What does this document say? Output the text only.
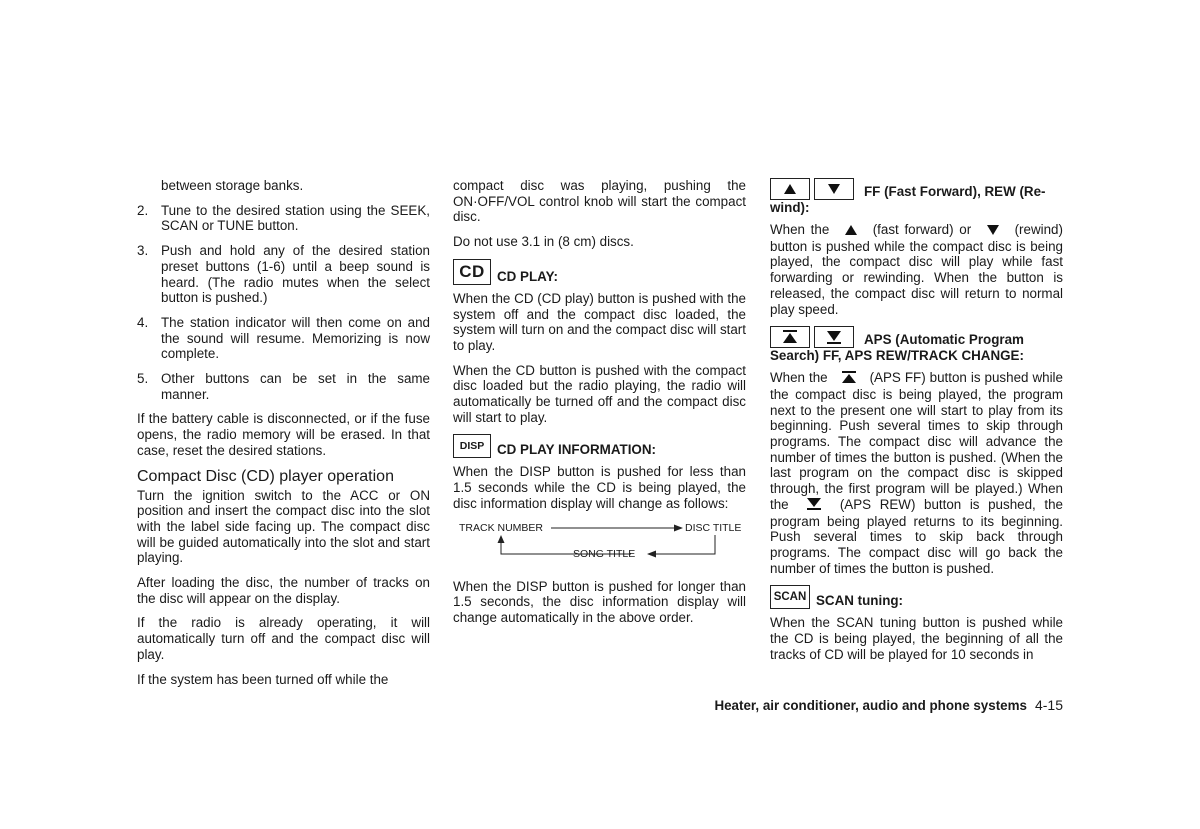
between storage banks.

2. Tune to the desired station using the SEEK, SCAN or TUNE button.
3. Push and hold any of the desired station preset buttons (1-6) until a beep sound is heard. (The radio mutes when the select button is pushed.)
4. The station indicator will then come on and the sound will resume. Memorizing is now complete.
5. Other buttons can be set in the same manner.

If the battery cable is disconnected, or if the fuse opens, the radio memory will be erased. In that case, reset the desired stations.

Compact Disc (CD) player operation

Turn the ignition switch to the ACC or ON position and insert the compact disc into the slot with the label side facing up. The compact disc will be guided automatically into the slot and start playing.

After loading the disc, the number of tracks on the disc will appear on the display.

If the radio is already operating, it will automatically turn off and the compact disc will play.

If the system has been turned off while the

compact disc was playing, pushing the ON·OFF/VOL control knob will start the compact disc.

Do not use 3.1 in (8 cm) discs.

CD CD PLAY:

When the CD (CD play) button is pushed with the system off and the compact disc loaded, the system will turn on and the compact disc will start to play.

When the CD button is pushed with the compact disc loaded but the radio playing, the radio will automatically be turned off and the compact disc will start to play.

DISP CD PLAY INFORMATION:

When the DISP button is pushed for less than 1.5 seconds while the CD is being played, the disc information display will change as follows:

TRACK NUMBER	DISC TITLE
SONG TITLE

When the DISP button is pushed for longer than 1.5 seconds, the disc information display will change automatically in the above order.

FF (Fast Forward), REW (Re-
wind):

When the	(fast forward) or	(rewind) button is pushed while the compact disc is being played, the compact disc will play while fast forwarding or rewinding. When the button is released, the compact disc will return to normal play speed.

APS (Automatic Program
Search) FF, APS REW/TRACK CHANGE:

When the	(APS FF) button is pushed while the compact disc is being played, the program next to the present one will start to play from its beginning. Push several times to skip through programs. The compact disc will advance the number of times the button is pushed. (When the last program on the compact disc is skipped through, the first program will be played.) When the	(APS REW) button is pushed, the program being played returns to its beginning. Push several times to skip back through programs. The compact disc will go back the number of times the button is pushed.

SCAN SCAN tuning:

When the SCAN tuning button is pushed while the CD is being played, the beginning of all the tracks of CD will be played for 10 seconds in

Heater, air conditioner, audio and phone systems 4-15
